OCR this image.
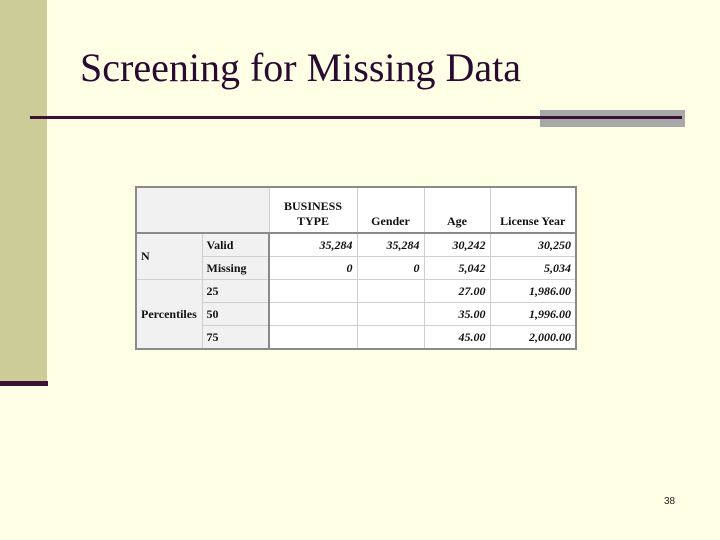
Screening for Missing Data
		BUSINESS TYPE	Gender	Age	License Year
N	Valid	35,284	35,284	30,242	30,250
	Missing	0	0	5,042	5,034
Percentiles	25			27.00	1,986.00
	50			35.00	1,996.00
	75			45.00	2,000.00
38
